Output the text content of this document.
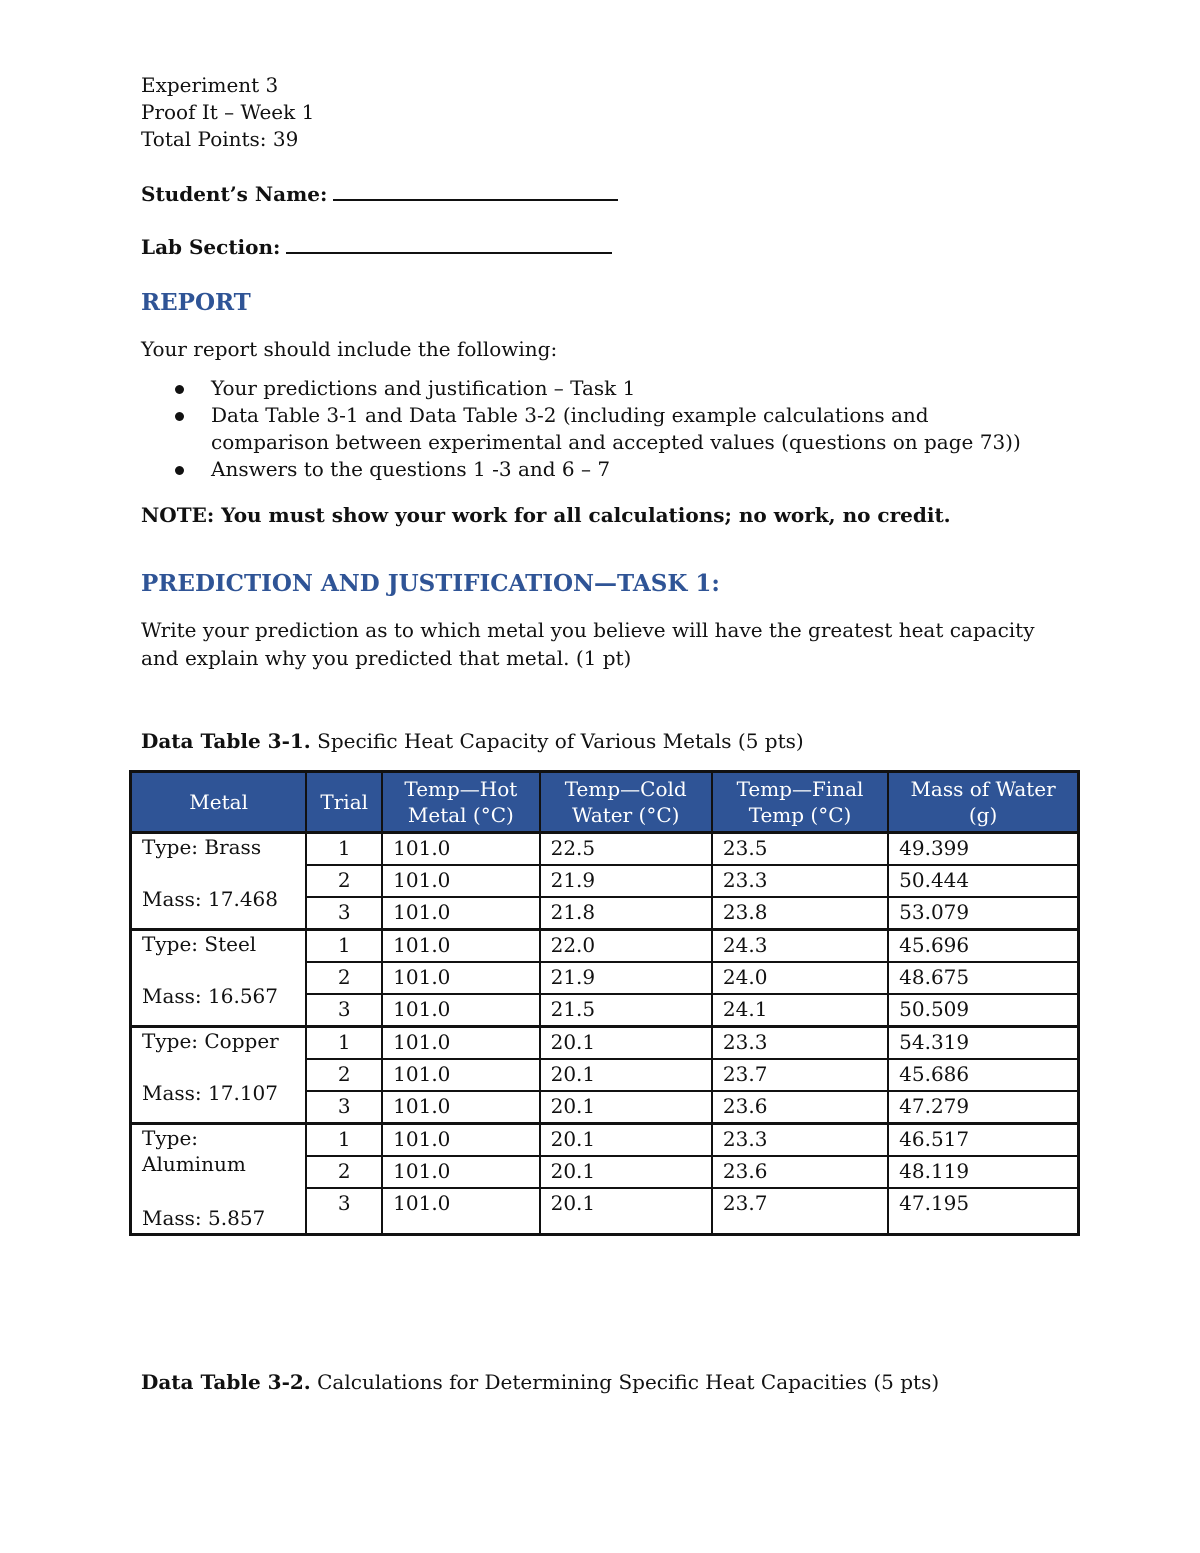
Experiment 3
Proof It – Week 1
Total Points: 39
Student’s Name:
Lab Section:
REPORT
Your report should include the following:
Your predictions and justification – Task 1
Data Table 3-1 and Data Table 3-2 (including example calculations and comparison between experimental and accepted values (questions on page 73))
Answers to the questions 1 -3 and 6 – 7
NOTE: You must show your work for all calculations; no work, no credit.
PREDICTION AND JUSTIFICATION—TASK 1:
Write your prediction as to which metal you believe will have the greatest heat capacity and explain why you predicted that metal. (1 pt)
Data Table 3-1. Specific Heat Capacity of Various Metals (5 pts)
Metal	Trial	Temp—Hot Metal (°C)	Temp—Cold Water (°C)	Temp—Final Temp (°C)	Mass of Water (g)

Type: Brass
Mass: 17.468	1	101.0	22.5	23.5	49.399
	2	101.0	21.9	23.3	50.444
	3	101.0	21.8	23.8	53.079

Type: Steel
Mass: 16.567	1	101.0	22.0	24.3	45.696
	2	101.0	21.9	24.0	48.675
	3	101.0	21.5	24.1	50.509

Type: Copper
Mass: 17.107	1	101.0	20.1	23.3	54.319
	2	101.0	20.1	23.7	45.686
	3	101.0	20.1	23.6	47.279

Type: Aluminum
Mass: 5.857	1	101.0	20.1	23.3	46.517
	2	101.0	20.1	23.6	48.119
	3	101.0	20.1	23.7	47.195
Data Table 3-2. Calculations for Determining Specific Heat Capacities (5 pts)
